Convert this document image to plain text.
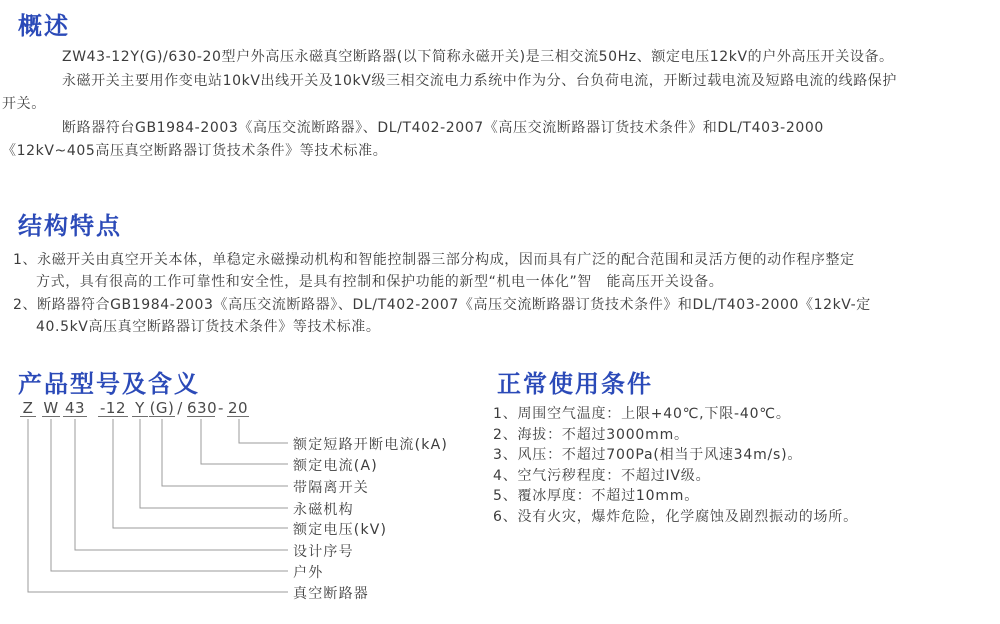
概述
ZW43-12Y(G)/630-20型户外高压永磁真空断路器(以下简称永磁开关)是三相交流50Hz、额定电压12kV的户外高压开关设备。
永磁开关主要用作变电站10kV出线开关及10kV级三相交流电力系统中作为分、台负荷电流，开断过载电流及短路电流的线路保护
开关。
断路器符台GB1984-2003《高压交流断路器》、DL/T402-2007《高压交流断路器订货技术条件》和DL/T403-2000
《12kV~405高压真空断路器订货技术条件》等技术标准。
结构特点
1、永磁开关由真空开关本体，单稳定永磁操动机构和智能控制器三部分构成，因而具有广泛的配合范围和灵活方便的动作程序整定
方式，具有很高的工作可靠性和安全性，是具有控制和保护功能的新型“机电一体化”智　能高压开关设备。
2、断路器符合GB1984-2003《高压交流断路器》、DL/T402-2007《高压交流断路器订货技术条件》和DL/T403-2000《12kV-定
40.5kV高压真空断路器订货技术条件》等技术标准。
产品型号及含义
Z W 43 -12 Y (G) / 630 - 20
额定短路开断电流(kA)
额定电流(A)
带隔离开关
永磁机构
额定电压(kV)
设计序号
户外
真空断路器
正常使用条件
1、周围空气温度：上限+40℃,下限-40℃。
2、海拔：不超过3000mm。
3、风压：不超过700Pa(相当于风速34m/s)。
4、空气污秽程度：不超过IV级。
5、覆冰厚度：不超过10mm。
6、没有火灾，爆炸危险，化学腐蚀及剧烈振动的场所。
